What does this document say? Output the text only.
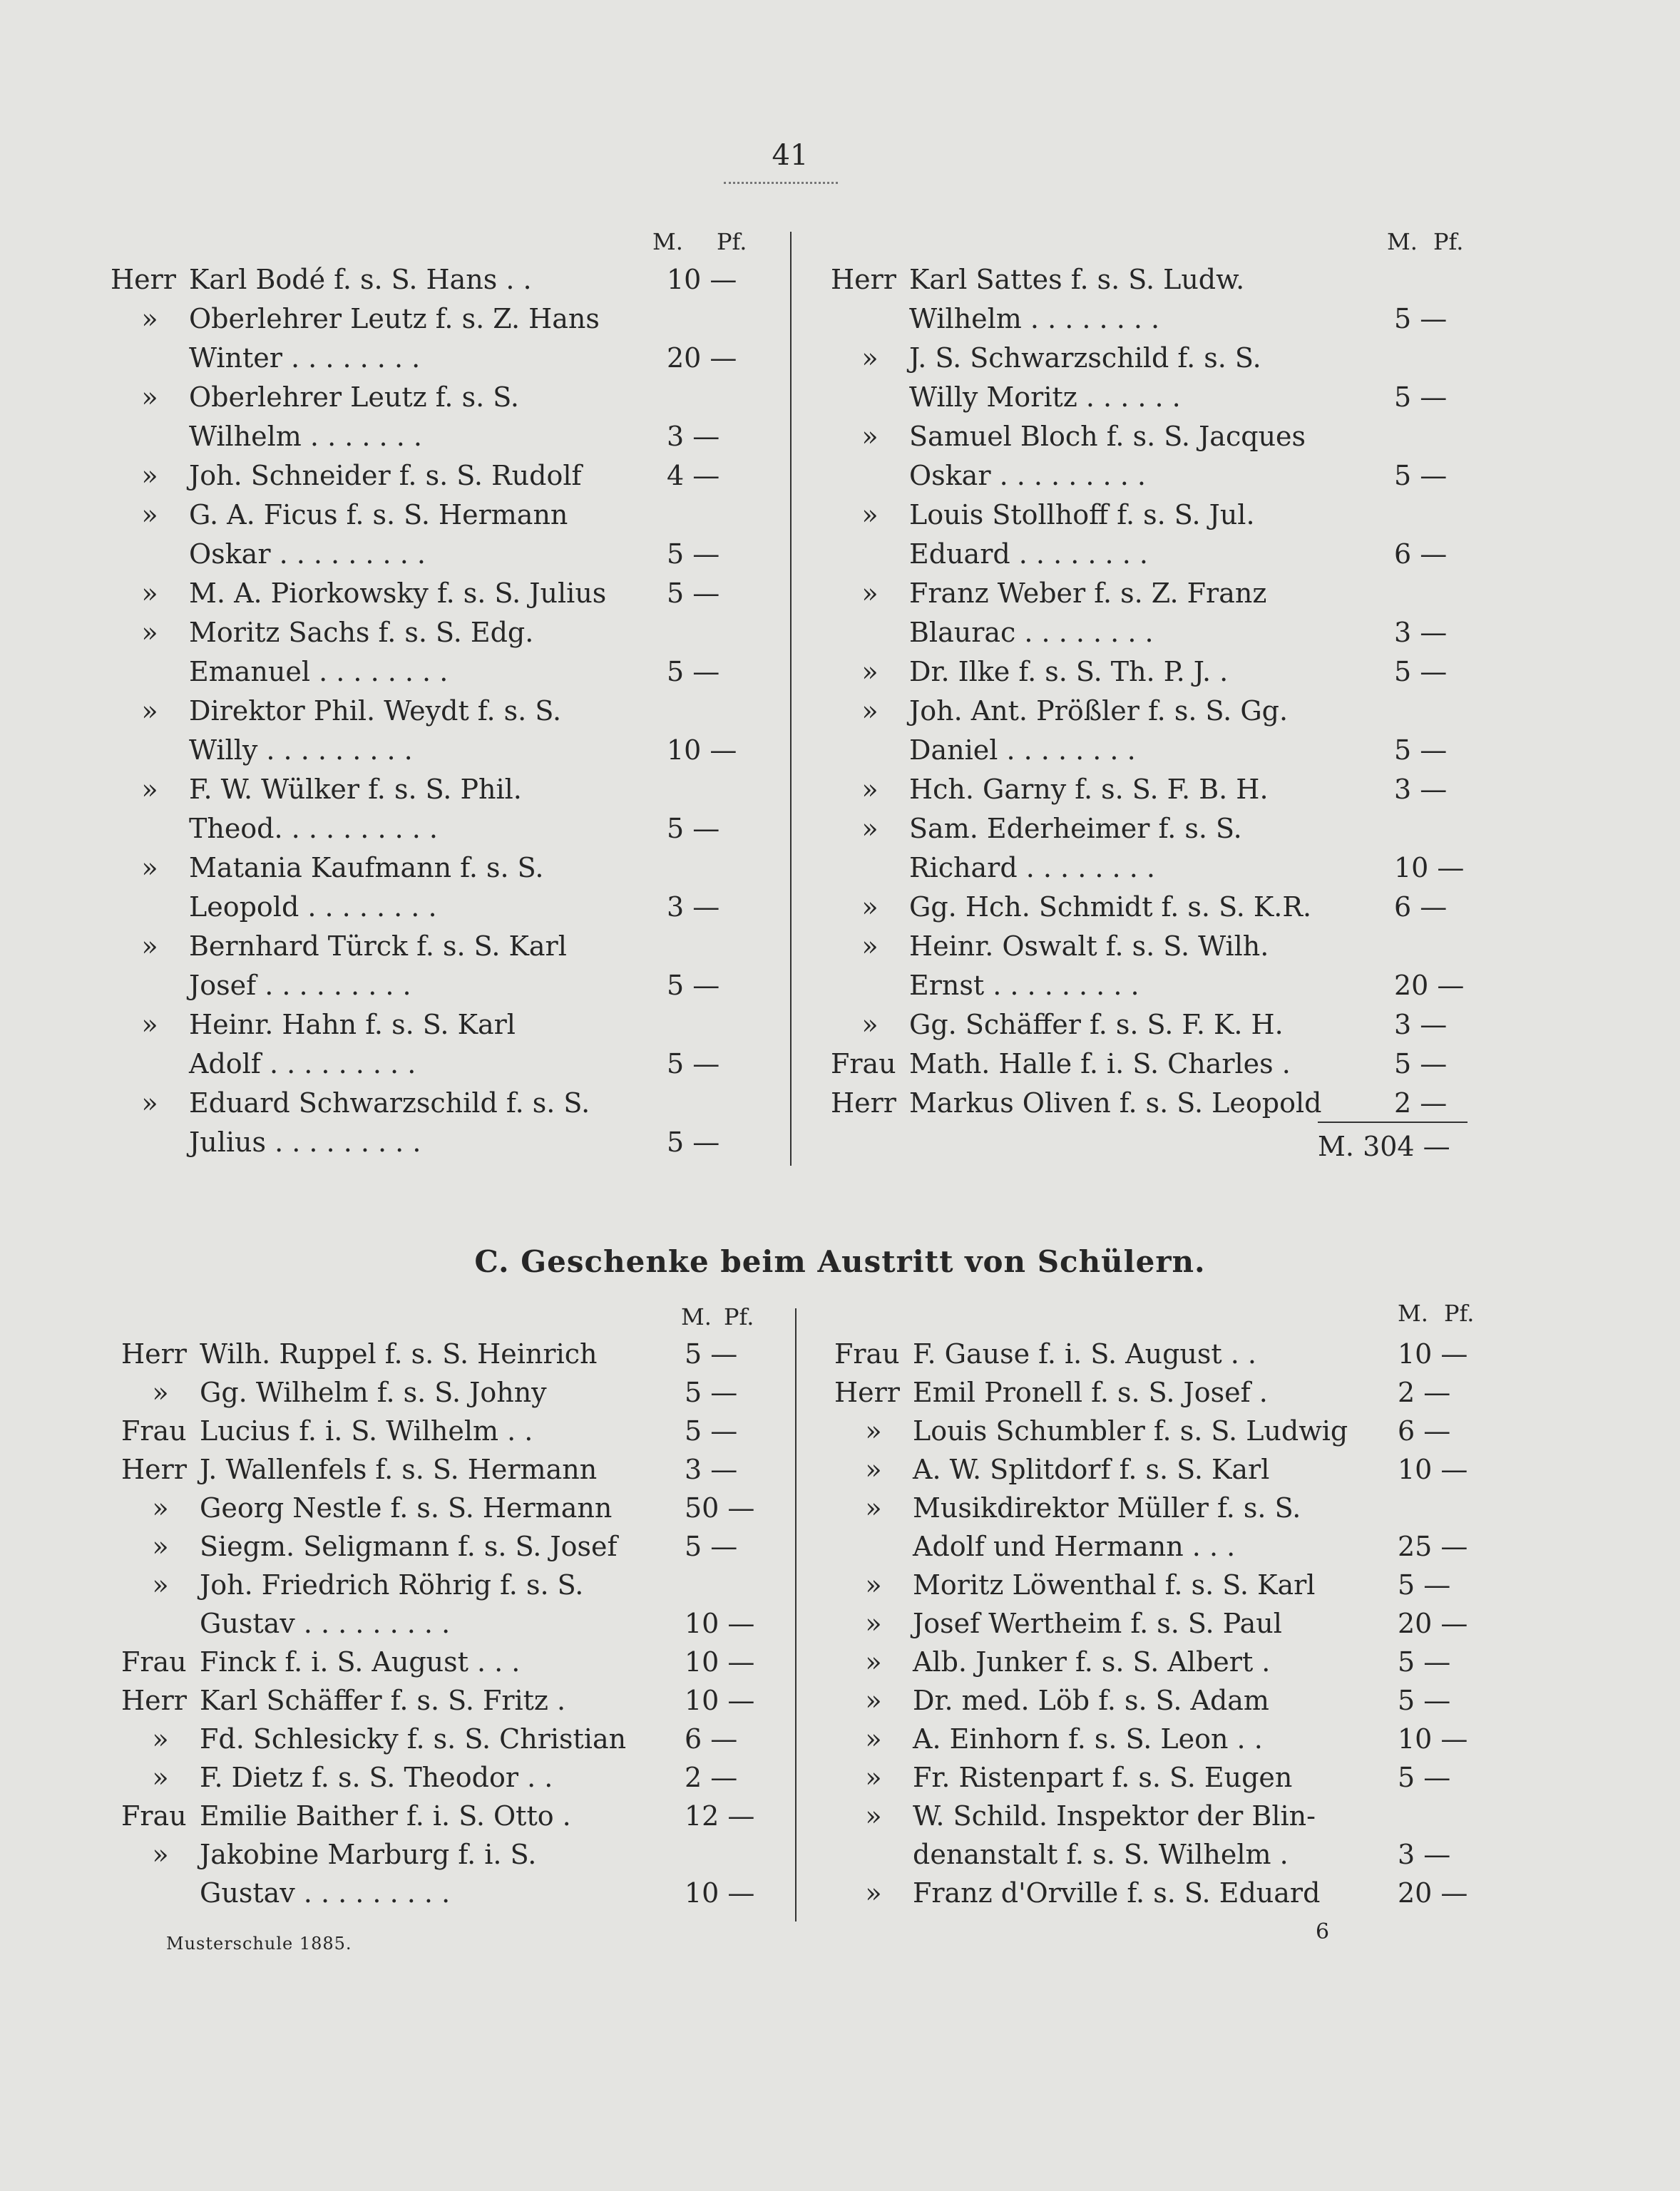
41
M. Pf.	M. Pf.
Herr Karl Bodé f. s. S. Hans . .	10 —
» Oberlehrer Leutz f. s. Z. Hans
Winter . . . . . . . .	20 —
» Oberlehrer Leutz f. s. S.
Wilhelm . . . . . . .	3 —
» Joh. Schneider f. s. S. Rudolf	4 —
» G. A. Ficus f. s. S. Hermann
Oskar . . . . . . . . .	5 —
» M. A. Piorkowsky f. s. S. Julius 5 —
» Moritz Sachs f. s. S. Edg.
Emanuel . . . . . . . .	5 —
» Direktor Phil. Weydt f. s. S.
Willy . . . . . . . . .	10 —
» F. W. Wülker f. s. S. Phil.
Theod. . . . . . . . . .	5 —
» Matania Kaufmann f. s. S.
Leopold . . . . . . . .	3 —
» Bernhard Türck f. s. S. Karl
Josef . . . . . . . . .	5 —
» Heinr. Hahn f. s. S. Karl
Adolf . . . . . . . . .	5 —
» Eduard Schwarzschild f. s. S.
Julius . . . . . . . . .	5 —
Herr Karl Sattes f. s. S. Ludw.
Wilhelm . . . . . . . .	5 —
» J. S. Schwarzschild f. s. S.
Willy Moritz . . . . . .	5 —
» Samuel Bloch f. s. S. Jacques
Oskar . . . . . . . . .	5 —
» Louis Stollhoff f. s. S. Jul.
Eduard . . . . . . . .	6 —
» Franz Weber f. s. Z. Franz
Blaurac . . . . . . . .	3 —
» Dr. Ilke f. s. S. Th. P. J. .	5 —
» Joh. Ant. Prößler f. s. S. Gg.
Daniel . . . . . . . .	5 —
» Hch. Garny f. s. S. F. B. H.	3 —
» Sam. Ederheimer f. s. S.
Richard . . . . . . . .	10 —
» Gg. Hch. Schmidt f. s. S. K.R.	6 —
» Heinr. Oswalt f. s. S. Wilh.
Ernst . . . . . . . . .	20 —
» Gg. Schäffer f. s. S. F. K. H.	3 —
Frau Math. Halle f. i. S. Charles .	5 —
Herr Markus Oliven f. s. S. Leopold	2 —
M. 304 —
C. Geschenke beim Austritt von Schülern.
M. Pf.	M. Pf.
Herr Wilh. Ruppel f. s. S. Heinrich	5 —
» Gg. Wilhelm f. s. S. Johny	5 —
Frau Lucius f. i. S. Wilhelm . .	5 —
Herr J. Wallenfels f. s. S. Hermann	3 —
» Georg Nestle f. s. S. Hermann	50 —
» Siegm. Seligmann f. s. S. Josef 5 —
» Joh. Friedrich Röhrig f. s. S.
Gustav . . . . . . . . .	10 —
Frau Finck f. i. S. August . . .	10 —
Herr Karl Schäffer f. s. S. Fritz .	10 —
» Fd. Schlesicky f. s. S. Christian 6 —
» F. Dietz f. s. S. Theodor . .	2 —
Frau Emilie Baither f. i. S. Otto .	12 —
» Jakobine Marburg f. i. S.
Gustav . . . . . . . . .	10 —
Frau F. Gause f. i. S. August . .	10 —
Herr Emil Pronell f. s. S. Josef .	2 —
» Louis Schumbler f. s. S. Ludwig 6 —
» A. W. Splitdorf f. s. S. Karl	10 —
» Musikdirektor Müller f. s. S.
Adolf und Hermann . . .	25 —
» Moritz Löwenthal f. s. S. Karl	5 —
» Josef Wertheim f. s. S. Paul	20 —
» Alb. Junker f. s. S. Albert .	5 —
» Dr. med. Löb f. s. S. Adam	5 —
» A. Einhorn f. s. S. Leon . .	10 —
» Fr. Ristenpart f. s. S. Eugen	5 —
» W. Schild. Inspektor der Blin-
denanstalt f. s. S. Wilhelm .	3 —
» Franz d'Orville f. s. S. Eduard	20 —
Musterschule 1885.	6
